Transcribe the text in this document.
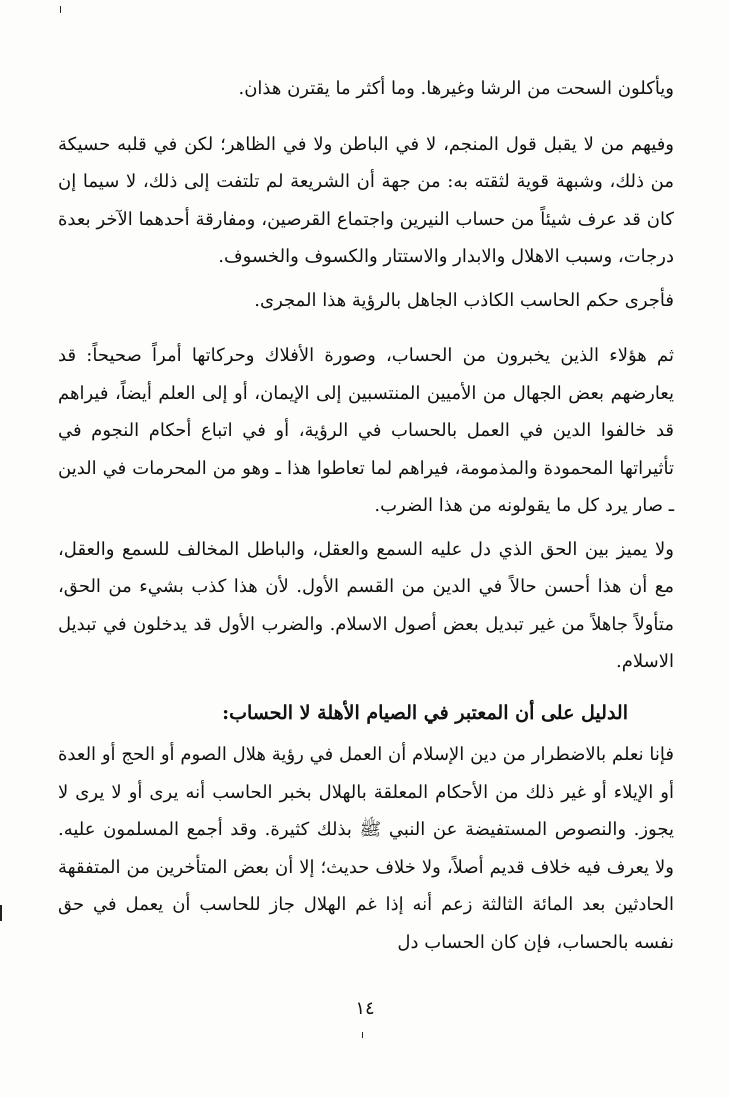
ويأكلون السحت من الرشا وغيرها. وما أكثر ما يقترن هذان.

وفيهم من لا يقبل قول المنجم، لا في الباطن ولا في الظاهر؛ لكن في قلبه حسيكة من ذلك، وشبهة قوية لثقته به: من جهة أن الشريعة لم تلتفت إلى ذلك، لا سيما إن كان قد عرف شيئاً من حساب النيرين واجتماع القرصين، ومفارقة أحدهما الآخر بعدة درجات، وسبب الاهلال والابدار والاستتار والكسوف والخسوف.

فأجرى حكم الحاسب الكاذب الجاهل بالرؤية هذا المجرى.

ثم هؤلاء الذين يخبرون من الحساب، وصورة الأفلاك وحركاتها أمراً صحيحاً: قد يعارضهم بعض الجهال من الأميين المنتسبين إلى الإيمان، أو إلى العلم أيضاً، فيراهم قد خالفوا الدين في العمل بالحساب في الرؤية، أو في اتباع أحكام النجوم في تأثيراتها المحمودة والمذمومة، فيراهم لما تعاطوا هذا ـ وهو من المحرمات في الدين ـ صار يرد كل ما يقولونه من هذا الضرب.

ولا يميز بين الحق الذي دل عليه السمع والعقل، والباطل المخالف للسمع والعقل، مع أن هذا أحسن حالاً في الدين من القسم الأول. لأن هذا كذب بشيء من الحق، متأولاً جاهلاً من غير تبديل بعض أصول الاسلام. والضرب الأول قد يدخلون في تبديل الاسلام.

الدليل على أن المعتبر في الصيام الأهلة لا الحساب:

فإنا نعلم بالاضطرار من دين الإسلام أن العمل في رؤية هلال الصوم أو الحج أو العدة أو الإيلاء أو غير ذلك من الأحكام المعلقة بالهلال بخبر الحاسب أنه يرى أو لا يرى لا يجوز. والنصوص المستفيضة عن النبي ﷺ بذلك كثيرة. وقد أجمع المسلمون عليه. ولا يعرف فيه خلاف قديم أصلاً، ولا خلاف حديث؛ إلا أن بعض المتأخرين من المتفقهة الحادثين بعد المائة الثالثة زعم أنه إذا غم الهلال جاز للحاسب أن يعمل في حق نفسه بالحساب، فإن كان الحساب دل

١٤
